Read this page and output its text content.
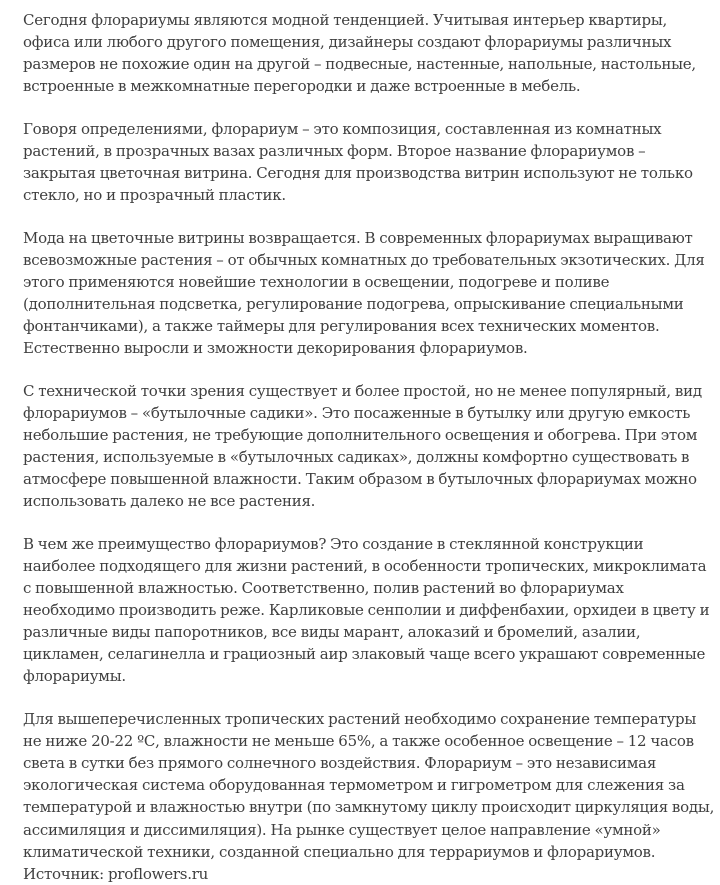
Сегодня флорариумы являются модной тенденцией. Учитывая интерьер квартиры, офиса или любого другого помещения, дизайнеры создают флорариумы различных размеров не похожие один на другой – подвесные, настенные, напольные, настольные, встроенные в межкомнатные перегородки и даже встроенные в мебель.

Говоря определениями, флорариум – это композиция, составленная из комнатных растений, в прозрачных вазах различных форм. Второе название флорариумов – закрытая цветочная витрина. Сегодня для производства витрин используют не только стекло, но и прозрачный пластик.

Мода на цветочные витрины возвращается. В современных флорариумах выращивают всевозможные растения – от обычных комнатных до требовательных экзотических. Для этого применяются новейшие технологии в освещении, подогреве и поливе (дополнительная подсветка, регулирование подогрева, опрыскивание специальными фонтанчиками), а также таймеры для регулирования всех технических моментов. Естественно выросли и зможности декорирования флорариумов.

С технической точки зрения существует и более простой, но не менее популярный, вид флорариумов – «бутылочные садики». Это посаженные в бутылку или другую емкость небольшие растения, не требующие дополнительного освещения и обогрева. При этом растения, используемые в «бутылочных садиках», должны комфортно существовать в атмосфере повышенной влажности. Таким образом в бутылочных флорариумах можно использовать далеко не все растения.

В чем же преимущество флорариумов? Это создание в стеклянной конструкции наиболее подходящего для жизни растений, в особенности тропических, микроклимата с повышенной влажностью. Соответственно, полив растений во флорариумах необходимо производить реже. Карликовые сенполии и диффенбахии, орхидеи в цвету и различные виды папоротников, все виды марант, алоказий и бромелий, азалии, цикламен, селагинелла и грациозный аир злаковый чаще всего украшают современные флорариумы.

Для вышеперечисленных тропических растений необходимо сохранение температуры не ниже 20-22 ºС, влажности не меньше 65%, а также особенное освещение – 12 часов света в сутки без прямого солнечного воздействия. Флорариум – это независимая экологическая система оборудованная термометром и гигрометром для слежения за температурой и влажностью внутри (по замкнутому циклу происходит циркуляция воды, ассимиляция и диссимиляция). На рынке существует целое направление «умной» климатической техники, созданной специально для террариумов и флорариумов.

Источник: proflowers.ru
